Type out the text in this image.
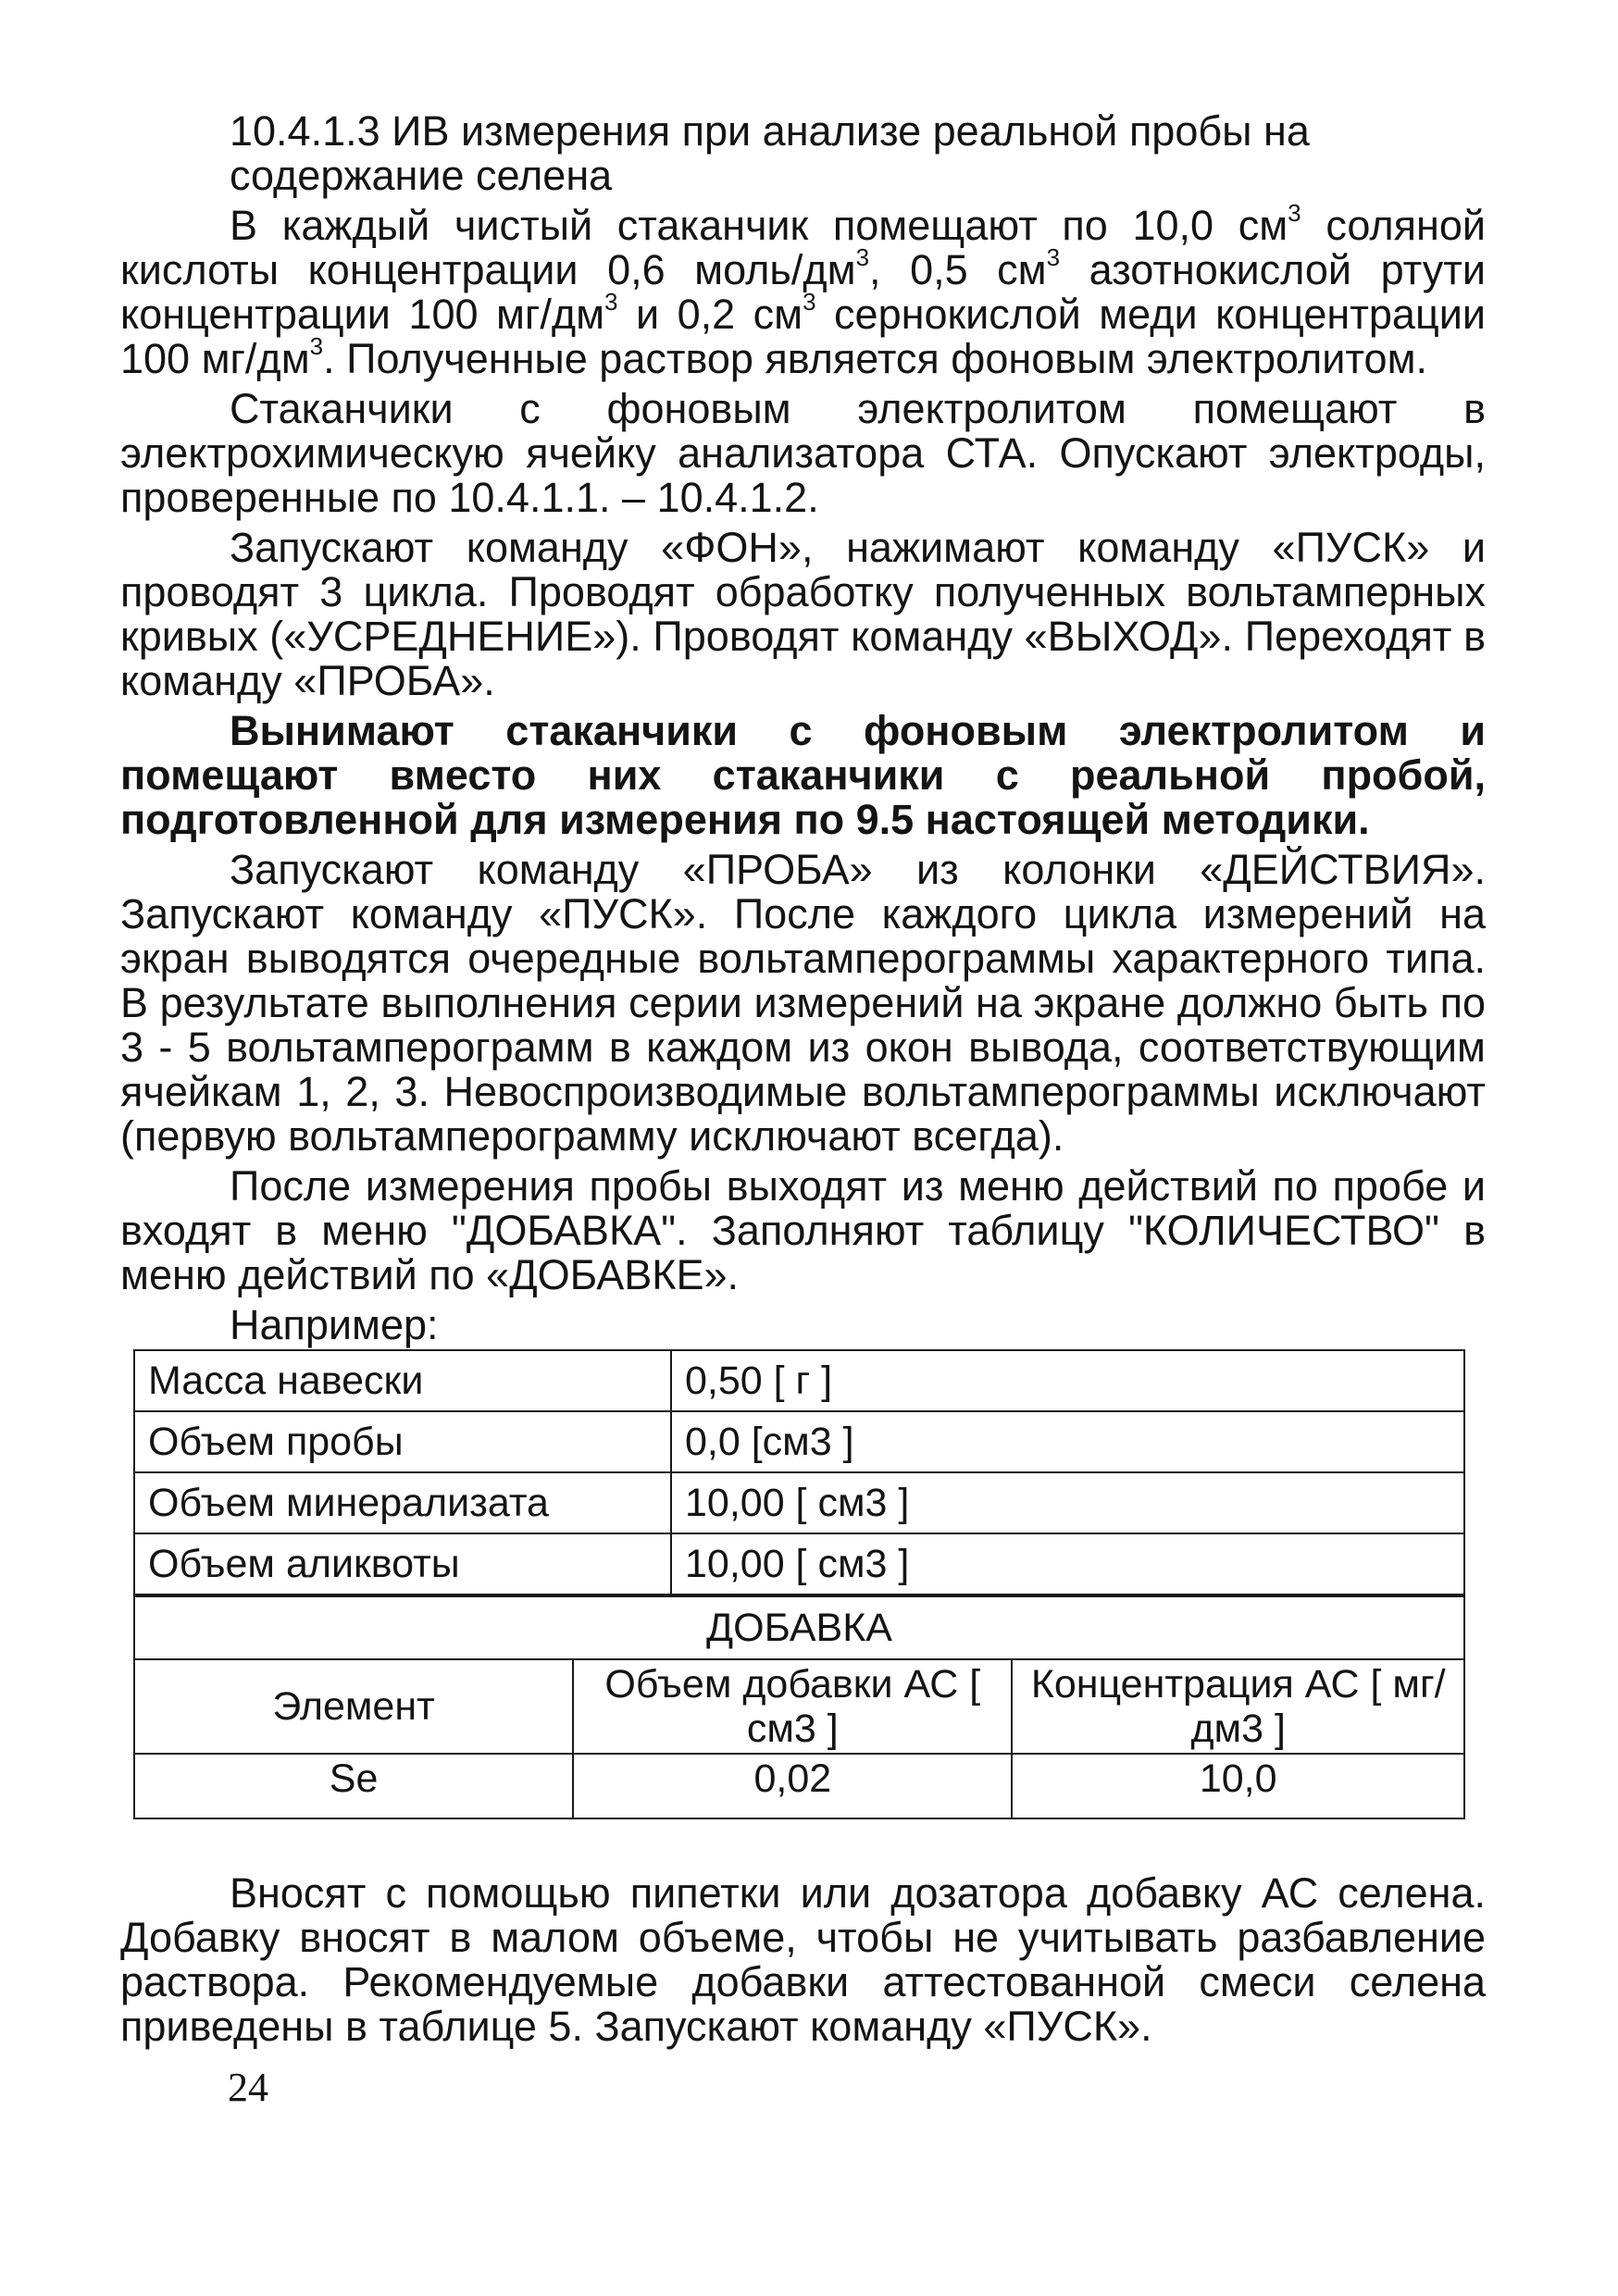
10.4.1.3 ИВ измерения при анализе реальной пробы на содержание селена

В каждый чистый стаканчик помещают по 10,0 $см^3$ соляной кислоты концентрации 0,6 моль/$дм^3$, 0,5 $см^3$ азотнокислой ртути концентрации 100 $мг/дм^3$ и 0,2 $см^3$ сернокислой меди концентрации 100 $мг/дм^3$. Полученные раствор является фоновым электролитом.

Стаканчики с фоновым электролитом помещают в электрохимическую ячейку анализатора СТА. Опускают электроды, проверенные по 10.4.1.1. – 10.4.1.2.

Запускают команду «ФОН», нажимают команду «ПУСК» и проводят 3 цикла. Проводят обработку полученных вольтамперных кривых («УСРЕДНЕНИЕ»). Проводят команду «ВЫХОД». Переходят в команду «ПРОБА».

Вынимают стаканчики с фоновым электролитом и помещают вместо них стаканчики с реальной пробой, подготовленной для измерения по 9.5 настоящей методики.

Запускают команду «ПРОБА» из колонки «ДЕЙСТВИЯ». Запускают команду «ПУСК». После каждого цикла измерений на экран выводятся очередные вольтамперограммы характерного типа. В результате выполнения серии измерений на экране должно быть по 3 - 5 вольтамперограмм в каждом из окон вывода, соответствующим ячейкам 1, 2, 3. Невоспроизводимые вольтамперограммы исключают (первую вольтамперограмму исключают всегда).

После измерения пробы выходят из меню действий по пробе и входят в меню "ДОБАВКА". Заполняют таблицу "КОЛИЧЕСТВО" в меню действий по «ДОБАВКЕ».

Например:
Масса навески	0,50 [ г ]
Объем пробы	0,0 [см3 ]
Объем минерализата	10,00 [ см3 ]
Объем аликвоты	10,00 [ см3 ]
ДОБАВКА		
Элемент	Объем добавки АС [ см3 ]	Концентрация АС [ мг/дм3 ]
Se	0,02	10,0

Вносят с помощью пипетки или дозатора добавку АС селена. Добавку вносят в малом объеме, чтобы не учитывать разбавление раствора. Рекомендуемые добавки аттестованной смеси селена приведены в таблице 5. Запускают команду «ПУСК».

24
